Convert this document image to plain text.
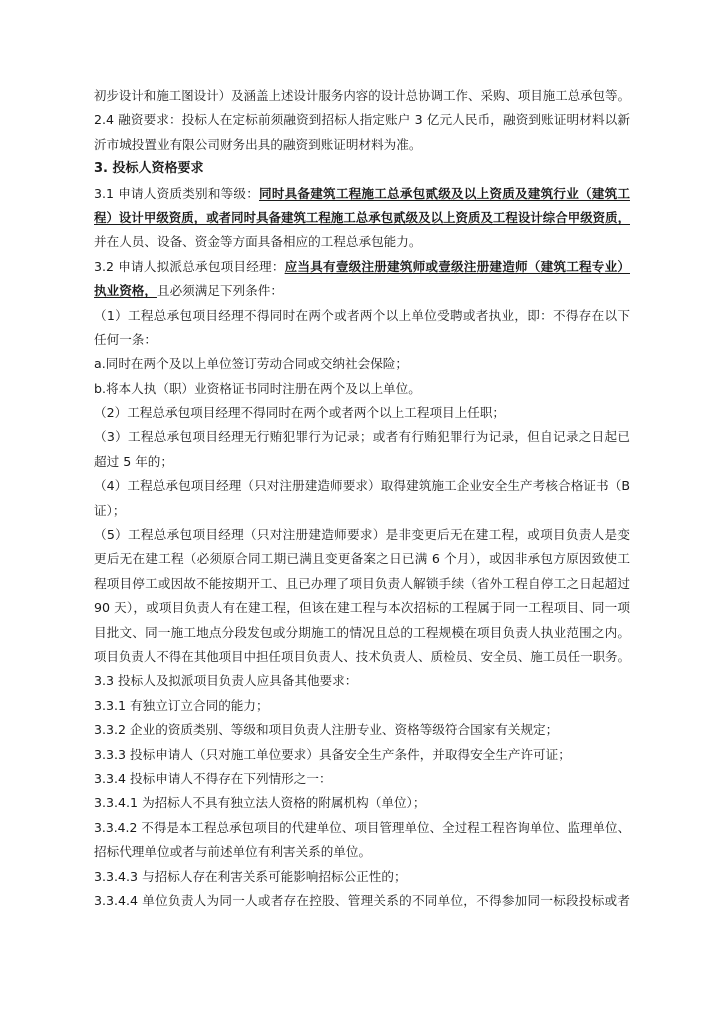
初步设计和施工图设计）及涵盖上述设计服务内容的设计总协调工作、采购、项目施工总承包等。
2.4 融资要求：投标人在定标前须融资到招标人指定账户 3 亿元人民币，融资到账证明材料以新
沂市城投置业有限公司财务出具的融资到账证明材料为准。
3. 投标人资格要求
3.1 申请人资质类别和等级：同时具备建筑工程施工总承包贰级及以上资质及建筑行业（建筑工
程）设计甲级资质，或者同时具备建筑工程施工总承包贰级及以上资质及工程设计综合甲级资质，
并在人员、设备、资金等方面具备相应的工程总承包能力。
3.2 申请人拟派总承包项目经理：应当具有壹级注册建筑师或壹级注册建造师（建筑工程专业）
执业资格，且必须满足下列条件：
（1）工程总承包项目经理不得同时在两个或者两个以上单位受聘或者执业，即：不得存在以下
任何一条：
a.同时在两个及以上单位签订劳动合同或交纳社会保险；
b.将本人执（职）业资格证书同时注册在两个及以上单位。
（2）工程总承包项目经理不得同时在两个或者两个以上工程项目上任职；
（3）工程总承包项目经理无行贿犯罪行为记录；或者有行贿犯罪行为记录，但自记录之日起已
超过 5 年的；
（4）工程总承包项目经理（只对注册建造师要求）取得建筑施工企业安全生产考核合格证书（B
证）；
（5）工程总承包项目经理（只对注册建造师要求）是非变更后无在建工程，或项目负责人是变
更后无在建工程（必须原合同工期已满且变更备案之日已满 6 个月），或因非承包方原因致使工
程项目停工或因故不能按期开工、且已办理了项目负责人解锁手续（省外工程自停工之日起超过
90 天），或项目负责人有在建工程，但该在建工程与本次招标的工程属于同一工程项目、同一项
目批文、同一施工地点分段发包或分期施工的情况且总的工程规模在项目负责人执业范围之内。
项目负责人不得在其他项目中担任项目负责人、技术负责人、质检员、安全员、施工员任一职务。
3.3 投标人及拟派项目负责人应具备其他要求：
3.3.1 有独立订立合同的能力；
3.3.2 企业的资质类别、等级和项目负责人注册专业、资格等级符合国家有关规定；
3.3.3 投标申请人（只对施工单位要求）具备安全生产条件，并取得安全生产许可证；
3.3.4 投标申请人不得存在下列情形之一：
3.3.4.1 为招标人不具有独立法人资格的附属机构（单位）；
3.3.4.2 不得是本工程总承包项目的代建单位、项目管理单位、全过程工程咨询单位、监理单位、
招标代理单位或者与前述单位有利害关系的单位。
3.3.4.3 与招标人存在利害关系可能影响招标公正性的；
3.3.4.4 单位负责人为同一人或者存在控股、管理关系的不同单位，不得参加同一标段投标或者
